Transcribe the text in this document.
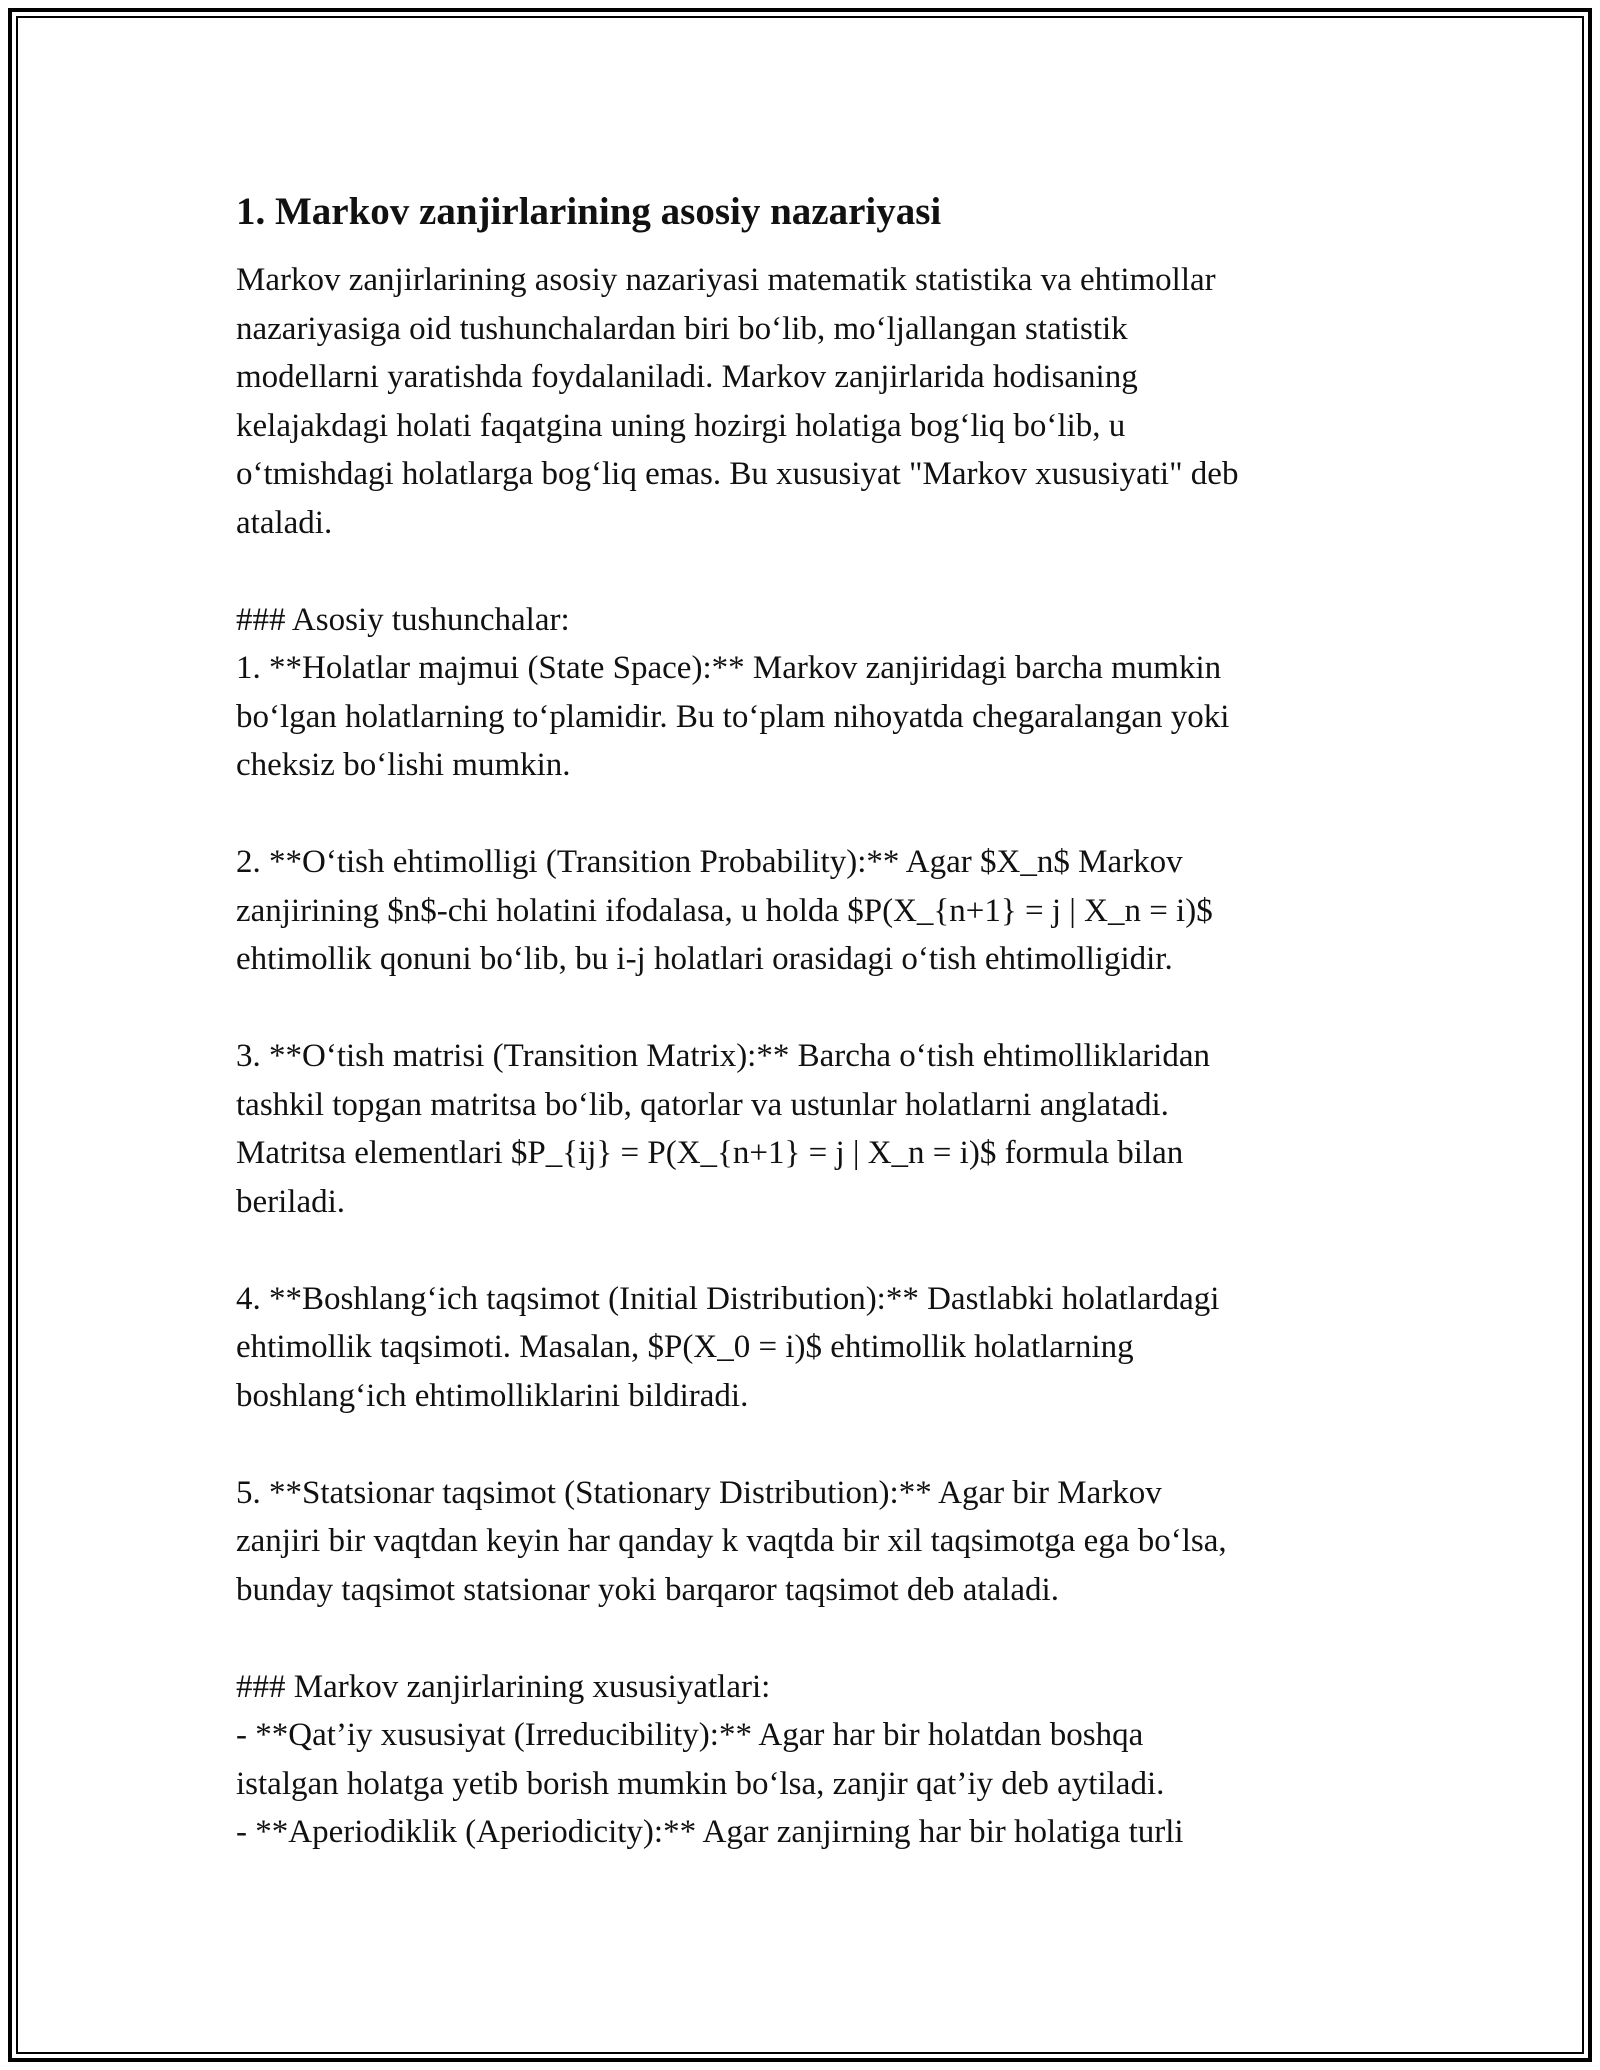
1. Markov zanjirlarining asosiy nazariyasi
Markov zanjirlarining asosiy nazariyasi matematik statistika va ehtimollar
nazariyasiga oid tushunchalardan biri bo‘lib, mo‘ljallangan statistik
modellarni yaratishda foydalaniladi. Markov zanjirlarida hodisaning
kelajakdagi holati faqatgina uning hozirgi holatiga bog‘liq bo‘lib, u
o‘tmishdagi holatlarga bog‘liq emas. Bu xususiyat "Markov xususiyati" deb
ataladi.
### Asosiy tushunchalar:
1. **Holatlar majmui (State Space):** Markov zanjiridagi barcha mumkin
bo‘lgan holatlarning to‘plamidir. Bu to‘plam nihoyatda chegaralangan yoki
cheksiz bo‘lishi mumkin.
2. **O‘tish ehtimolligi (Transition Probability):** Agar $X_n$ Markov
zanjirining $n$-chi holatini ifodalasa, u holda $P(X_{n+1} = j | X_n = i)$
ehtimollik qonuni bo‘lib, bu i-j holatlari orasidagi o‘tish ehtimolligidir.
3. **O‘tish matrisi (Transition Matrix):** Barcha o‘tish ehtimolliklaridan
tashkil topgan matritsa bo‘lib, qatorlar va ustunlar holatlarni anglatadi.
Matritsa elementlari $P_{ij} = P(X_{n+1} = j | X_n = i)$ formula bilan
beriladi.
4. **Boshlang‘ich taqsimot (Initial Distribution):** Dastlabki holatlardagi
ehtimollik taqsimoti. Masalan, $P(X_0 = i)$ ehtimollik holatlarning
boshlang‘ich ehtimolliklarini bildiradi.
5. **Statsionar taqsimot (Stationary Distribution):** Agar bir Markov
zanjiri bir vaqtdan keyin har qanday k vaqtda bir xil taqsimotga ega bo‘lsa,
bunday taqsimot statsionar yoki barqaror taqsimot deb ataladi.
### Markov zanjirlarining xususiyatlari:
- **Qat’iy xususiyat (Irreducibility):** Agar har bir holatdan boshqa
istalgan holatga yetib borish mumkin bo‘lsa, zanjir qat’iy deb aytiladi.
- **Aperiodiklik (Aperiodicity):** Agar zanjirning har bir holatiga turli
